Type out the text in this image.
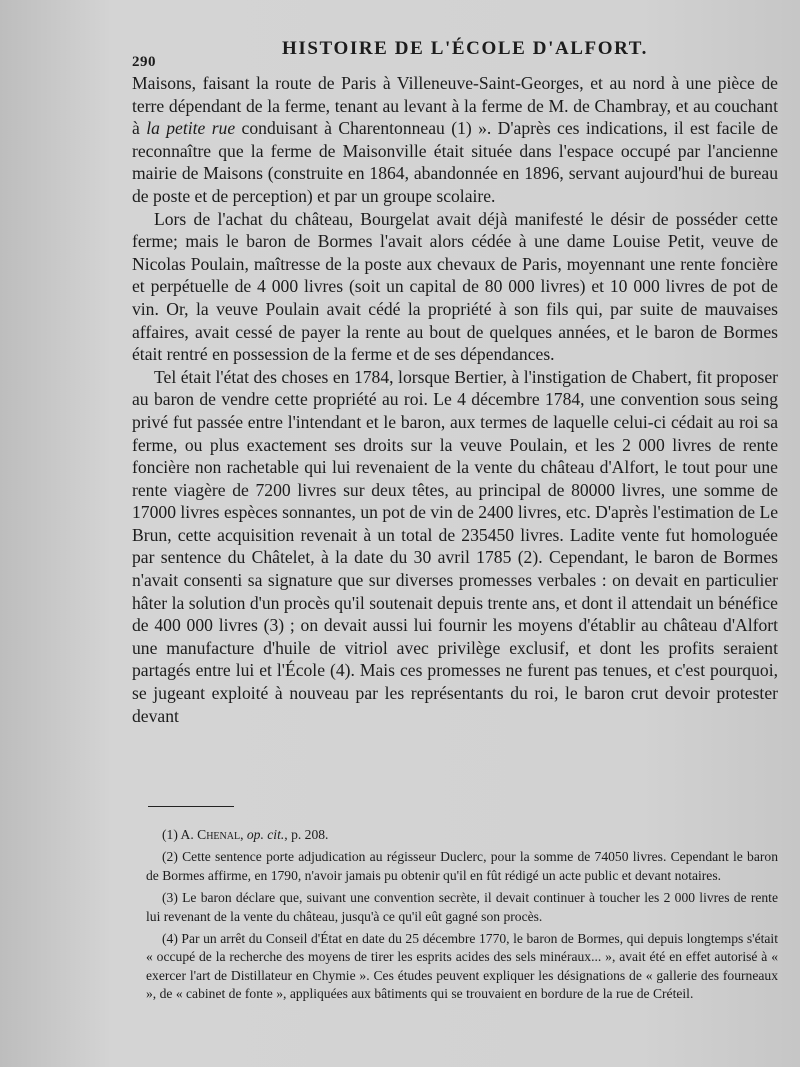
290
HISTOIRE DE L'ÉCOLE D'ALFORT.

Maisons, faisant la route de Paris à Villeneuve-Saint-Georges, et au nord à une pièce de terre dépendant de la ferme, tenant au levant à la ferme de M. de Chambray, et au couchant à la petite rue conduisant à Charentonneau (1) ». D'après ces indications, il est facile de reconnaître que la ferme de Maisonville était située dans l'espace occupé par l'ancienne mairie de Maisons (construite en 1864, abandonnée en 1896, servant aujourd'hui de bureau de poste et de perception) et par un groupe scolaire.

Lors de l'achat du château, Bourgelat avait déjà manifesté le désir de posséder cette ferme; mais le baron de Bormes l'avait alors cédée à une dame Louise Petit, veuve de Nicolas Poulain, maîtresse de la poste aux chevaux de Paris, moyennant une rente foncière et perpétuelle de 4 000 livres (soit un capital de 80 000 livres) et 10 000 livres de pot de vin. Or, la veuve Poulain avait cédé la propriété à son fils qui, par suite de mauvaises affaires, avait cessé de payer la rente au bout de quelques années, et le baron de Bormes était rentré en possession de la ferme et de ses dépendances.

Tel était l'état des choses en 1784, lorsque Bertier, à l'instigation de Chabert, fit proposer au baron de vendre cette propriété au roi. Le 4 décembre 1784, une convention sous seing privé fut passée entre l'intendant et le baron, aux termes de laquelle celui-ci cédait au roi sa ferme, ou plus exactement ses droits sur la veuve Poulain, et les 2 000 livres de rente foncière non rachetable qui lui revenaient de la vente du château d'Alfort, le tout pour une rente viagère de 7200 livres sur deux têtes, au principal de 80000 livres, une somme de 17000 livres espèces sonnantes, un pot de vin de 2400 livres, etc. D'après l'estimation de Le Brun, cette acquisition revenait à un total de 235450 livres. Ladite vente fut homologuée par sentence du Châtelet, à la date du 30 avril 1785 (2). Cependant, le baron de Bormes n'avait consenti sa signature que sur diverses promesses verbales : on devait en particulier hâter la solution d'un procès qu'il soutenait depuis trente ans, et dont il attendait un bénéfice de 400 000 livres (3) ; on devait aussi lui fournir les moyens d'établir au château d'Alfort une manufacture d'huile de vitriol avec privilège exclusif, et dont les profits seraient partagés entre lui et l'École (4). Mais ces promesses ne furent pas tenues, et c'est pourquoi, se jugeant exploité à nouveau par les représentants du roi, le baron crut devoir protester devant

(1) A. Chenal, op. cit., p. 208.

(2) Cette sentence porte adjudication au régisseur Duclerc, pour la somme de 74050 livres. Cependant le baron de Bormes affirme, en 1790, n'avoir jamais pu obtenir qu'il en fût rédigé un acte public et devant notaires.

(3) Le baron déclare que, suivant une convention secrète, il devait continuer à toucher les 2 000 livres de rente lui revenant de la vente du château, jusqu'à ce qu'il eût gagné son procès.

(4) Par un arrêt du Conseil d'État en date du 25 décembre 1770, le baron de Bormes, qui depuis longtemps s'était « occupé de la recherche des moyens de tirer les esprits acides des sels minéraux... », avait été en effet autorisé à « exercer l'art de Distillateur en Chymie ». Ces études peuvent expliquer les désignations de « gallerie des fourneaux », de « cabinet de fonte », appliquées aux bâtiments qui se trouvaient en bordure de la rue de Créteil.
